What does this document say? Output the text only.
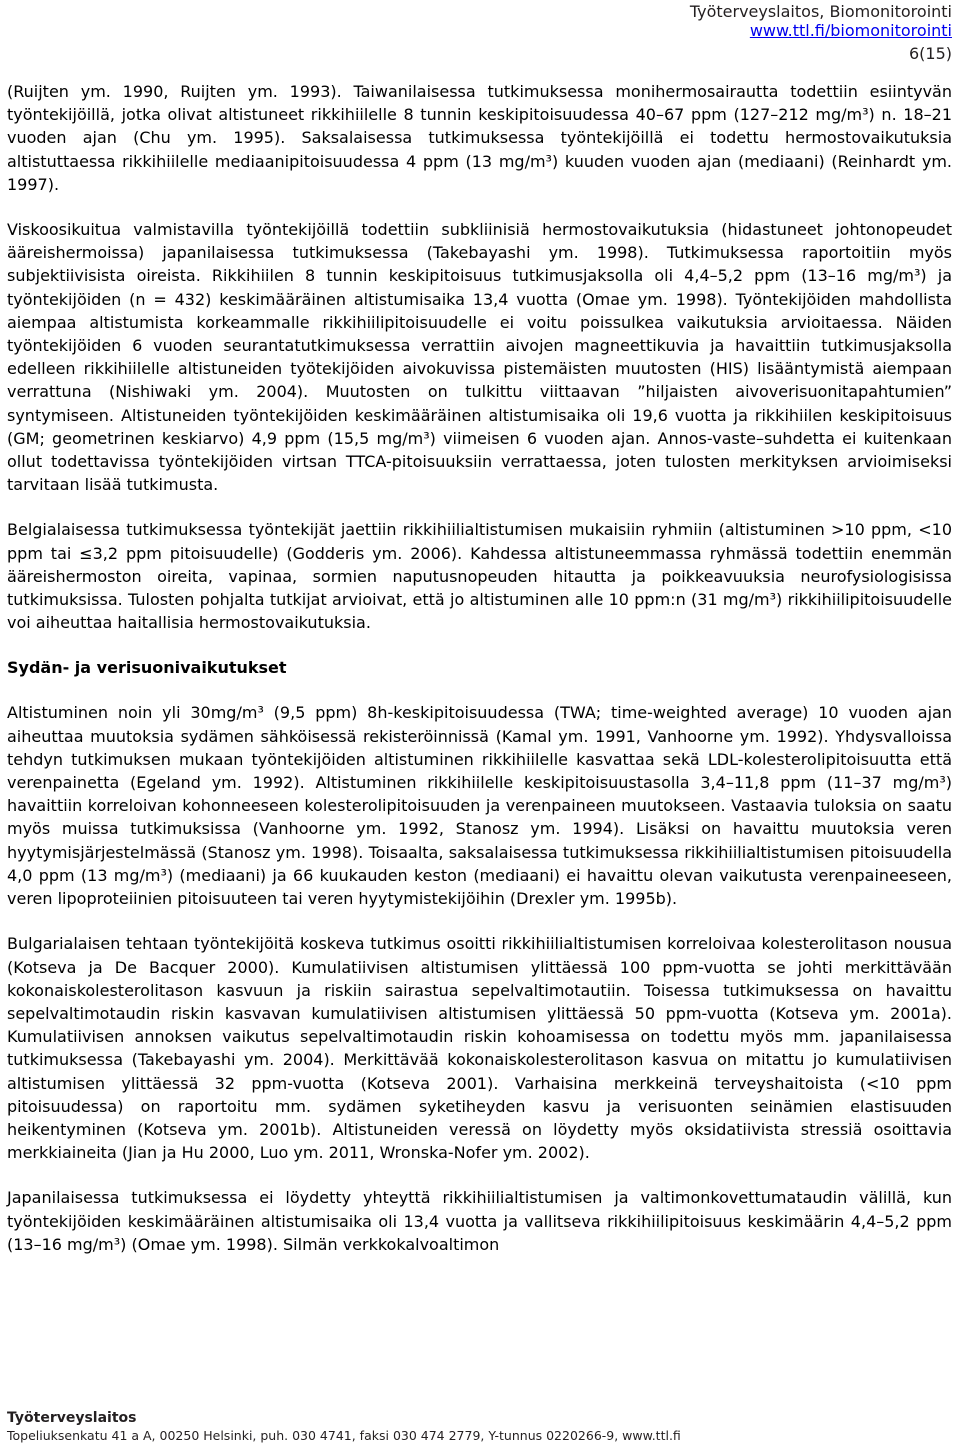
Työterveyslaitos, Biomonitorointi
www.ttl.fi/biomonitorointi
6(15)

(Ruijten ym. 1990, Ruijten ym. 1993). Taiwanilaisessa tutkimuksessa monihermosairautta todettiin esiintyvän työntekijöillä, jotka olivat altistuneet rikkihiilelle 8 tunnin keskipitoisuudessa 40–67 ppm (127–212 mg/m³) n. 18–21 vuoden ajan (Chu ym. 1995). Saksalaisessa tutkimuksessa työntekijöillä ei todettu hermostovaikutuksia altistuttaessa rikkihiilelle mediaanipitoisuudessa 4 ppm (13 mg/m³) kuuden vuoden ajan (mediaani) (Reinhardt ym. 1997).

Viskoosikuitua valmistavilla työntekijöillä todettiin subkliinisiä hermostovaikutuksia (hidastuneet johtonopeudet ääreishermoissa) japanilaisessa tutkimuksessa (Takebayashi ym. 1998). Tutkimuksessa raportoitiin myös subjektiivisista oireista. Rikkihiilen 8 tunnin keskipitoisuus tutkimusjaksolla oli 4,4–5,2 ppm (13–16 mg/m³) ja työntekijöiden (n = 432) keskimääräinen altistumisaika 13,4 vuotta (Omae ym. 1998). Työntekijöiden mahdollista aiempaa altistumista korkeammalle rikkihiilipitoisuudelle ei voitu poissulkea vaikutuksia arvioitaessa. Näiden työntekijöiden 6 vuoden seurantatutkimuksessa verrattiin aivojen magneettikuvia ja havaittiin tutkimusjaksolla edelleen rikkihiilelle altistuneiden työtekijöiden aivokuvissa pistemäisten muutosten (HIS) lisääntymistä aiempaan verrattuna (Nishiwaki ym. 2004). Muutosten on tulkittu viittaavan ”hiljaisten aivoverisuonitapahtumien” syntymiseen. Altistuneiden työntekijöiden keskimääräinen altistumisaika oli 19,6 vuotta ja rikkihiilen keskipitoisuus (GM; geometrinen keskiarvo) 4,9 ppm (15,5 mg/m³) viimeisen 6 vuoden ajan. Annos-vaste–suhdetta ei kuitenkaan ollut todettavissa työntekijöiden virtsan TTCA-pitoisuuksiin verrattaessa, joten tulosten merkityksen arvioimiseksi tarvitaan lisää tutkimusta.

Belgialaisessa tutkimuksessa työntekijät jaettiin rikkihiilialtistumisen mukaisiin ryhmiin (altistuminen >10 ppm, <10 ppm tai ≤3,2 ppm pitoisuudelle) (Godderis ym. 2006). Kahdessa altistuneemmassa ryhmässä todettiin enemmän ääreishermoston oireita, vapinaa, sormien naputusnopeuden hitautta ja poikkeavuuksia neurofysiologisissa tutkimuksissa. Tulosten pohjalta tutkijat arvioivat, että jo altistuminen alle 10 ppm:n (31 mg/m³) rikkihiilipitoisuudelle voi aiheuttaa haitallisia hermostovaikutuksia.

Sydän- ja verisuonivaikutukset

Altistuminen noin yli 30mg/m³ (9,5 ppm) 8h-keskipitoisuudessa (TWA; time-weighted average) 10 vuoden ajan aiheuttaa muutoksia sydämen sähköisessä rekisteröinnissä (Kamal ym. 1991, Vanhoorne ym. 1992). Yhdysvalloissa tehdyn tutkimuksen mukaan työntekijöiden altistuminen rikkihiilelle kasvattaa sekä LDL-kolesterolipitoisuutta että verenpainetta (Egeland ym. 1992). Altistuminen rikkihiilelle keskipitoisuustasolla 3,4–11,8 ppm (11–37 mg/m³) havaittiin korreloivan kohonneeseen kolesterolipitoisuuden ja verenpaineen muutokseen. Vastaavia tuloksia on saatu myös muissa tutkimuksissa (Vanhoorne ym. 1992, Stanosz ym. 1994). Lisäksi on havaittu muutoksia veren hyytymisjärjestelmässä (Stanosz ym. 1998). Toisaalta, saksalaisessa tutkimuksessa rikkihiilialtistumisen pitoisuudella 4,0 ppm (13 mg/m³) (mediaani) ja 66 kuukauden keston (mediaani) ei havaittu olevan vaikutusta verenpaineeseen, veren lipoproteiinien pitoisuuteen tai veren hyytymistekijöihin (Drexler ym. 1995b).

Bulgarialaisen tehtaan työntekijöitä koskeva tutkimus osoitti rikkihiilialtistumisen korreloivaa kolesterolitason nousua (Kotseva ja De Bacquer 2000). Kumulatiivisen altistumisen ylittäessä 100 ppm-vuotta se johti merkittävään kokonaiskolesterolitason kasvuun ja riskiin sairastua sepelvaltimotautiin. Toisessa tutkimuksessa on havaittu sepelvaltimotaudin riskin kasvavan kumulatiivisen altistumisen ylittäessä 50 ppm-vuotta (Kotseva ym. 2001a). Kumulatiivisen annoksen vaikutus sepelvaltimotaudin riskin kohoamisessa on todettu myös mm. japanilaisessa tutkimuksessa (Takebayashi ym. 2004). Merkittävää kokonaiskolesterolitason kasvua on mitattu jo kumulatiivisen altistumisen ylittäessä 32 ppm-vuotta (Kotseva 2001). Varhaisina merkkeinä terveyshaitoista (<10 ppm pitoisuudessa) on raportoitu mm. sydämen syketiheyden kasvu ja verisuonten seinämien elastisuuden heikentyminen (Kotseva ym. 2001b). Altistuneiden veressä on löydetty myös oksidatiivista stressiä osoittavia merkkiaineita (Jian ja Hu 2000, Luo ym. 2011, Wronska-Nofer ym. 2002).

Japanilaisessa tutkimuksessa ei löydetty yhteyttä rikkihiilialtistumisen ja valtimonkovettumataudin välillä, kun työntekijöiden keskimääräinen altistumisaika oli 13,4 vuotta ja vallitseva rikkihiilipitoisuus keskimäärin 4,4–5,2 ppm (13–16 mg/m³) (Omae ym. 1998). Silmän verkkokalvoaltimon

Työterveyslaitos
Topeliuksenkatu 41 a A, 00250 Helsinki, puh. 030 4741, faksi 030 474 2779, Y-tunnus 0220266-9, www.ttl.fi
